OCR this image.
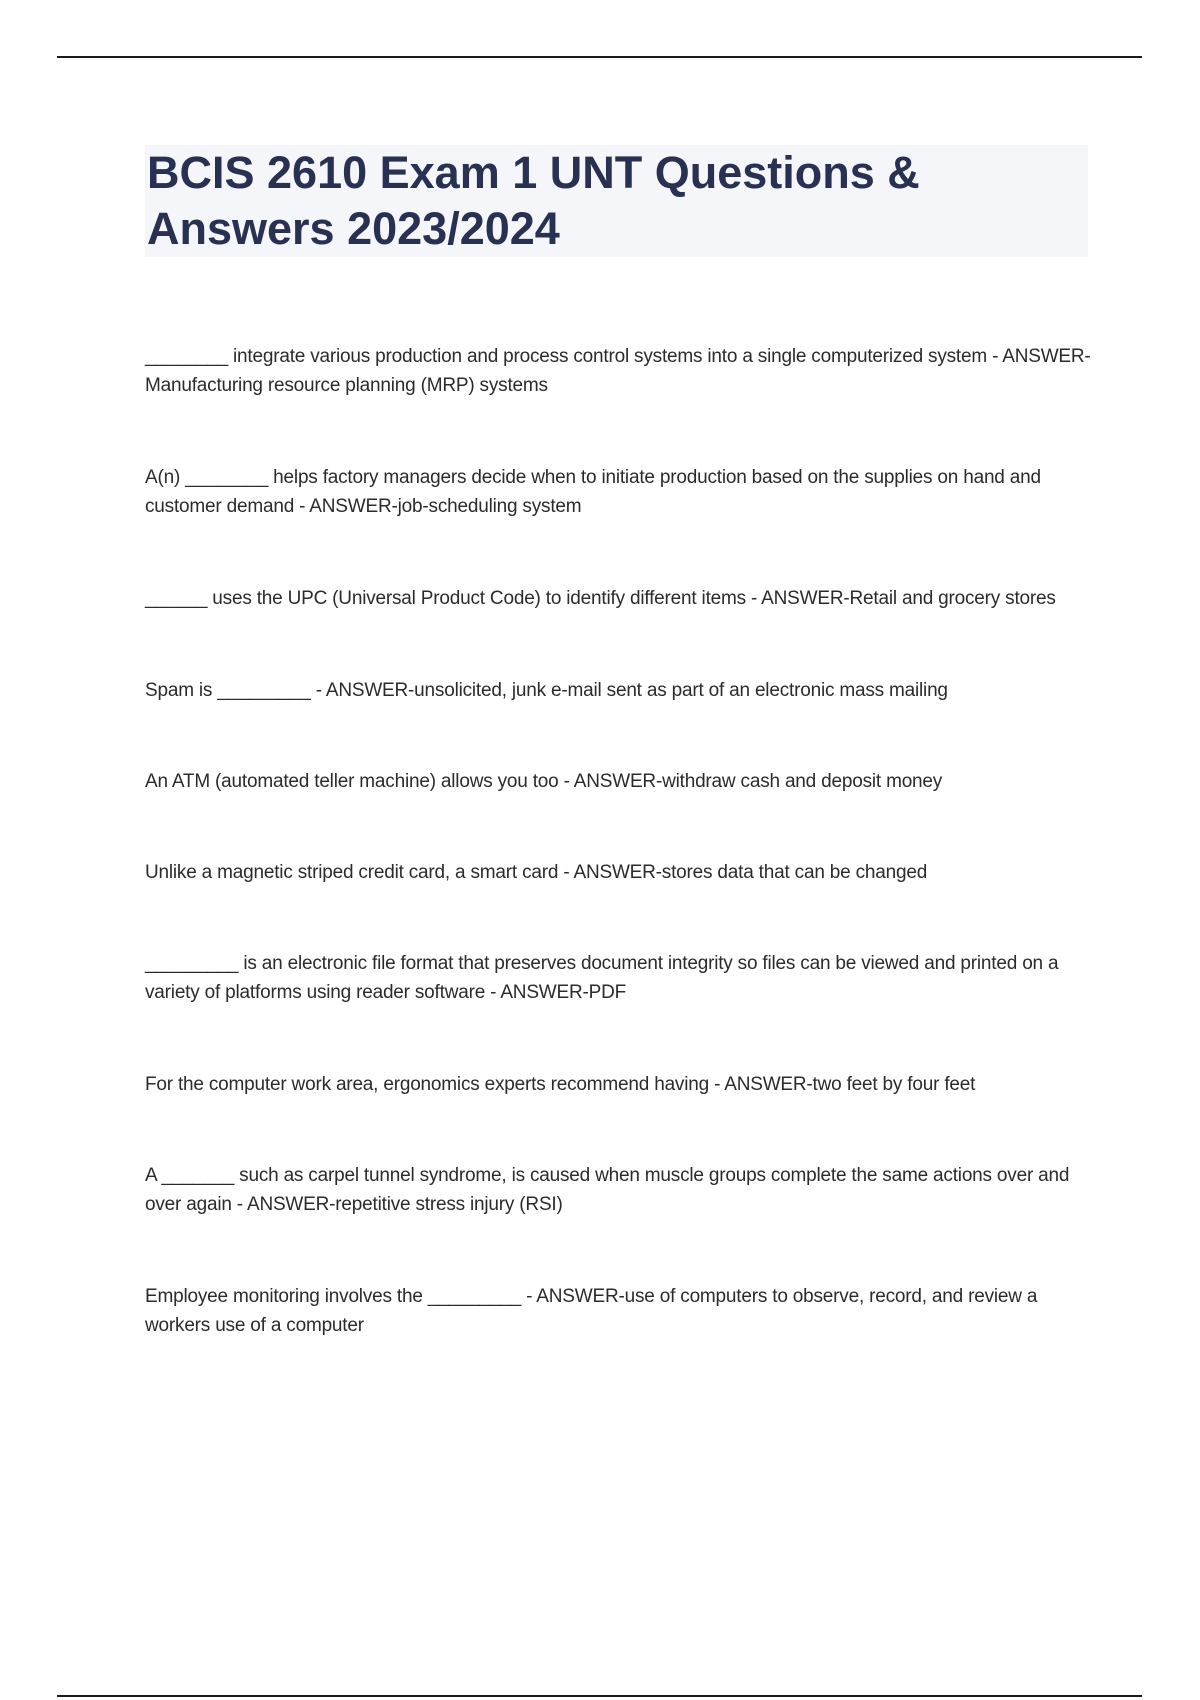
BCIS 2610 Exam 1 UNT Questions & Answers 2023/2024

________ integrate various production and process control systems into a single computerized system - ANSWER-Manufacturing resource planning (MRP) systems

A(n) ________ helps factory managers decide when to initiate production based on the supplies on hand and customer demand - ANSWER-job-scheduling system

______ uses the UPC (Universal Product Code) to identify different items - ANSWER-Retail and grocery stores

Spam is _________ - ANSWER-unsolicited, junk e-mail sent as part of an electronic mass mailing

An ATM (automated teller machine) allows you too - ANSWER-withdraw cash and deposit money

Unlike a magnetic striped credit card, a smart card - ANSWER-stores data that can be changed

_________ is an electronic file format that preserves document integrity so files can be viewed and printed on a variety of platforms using reader software - ANSWER-PDF

For the computer work area, ergonomics experts recommend having - ANSWER-two feet by four feet

A _______ such as carpel tunnel syndrome, is caused when muscle groups complete the same actions over and over again - ANSWER-repetitive stress injury (RSI)

Employee monitoring involves the _________ - ANSWER-use of computers to observe, record, and review a workers use of a computer
